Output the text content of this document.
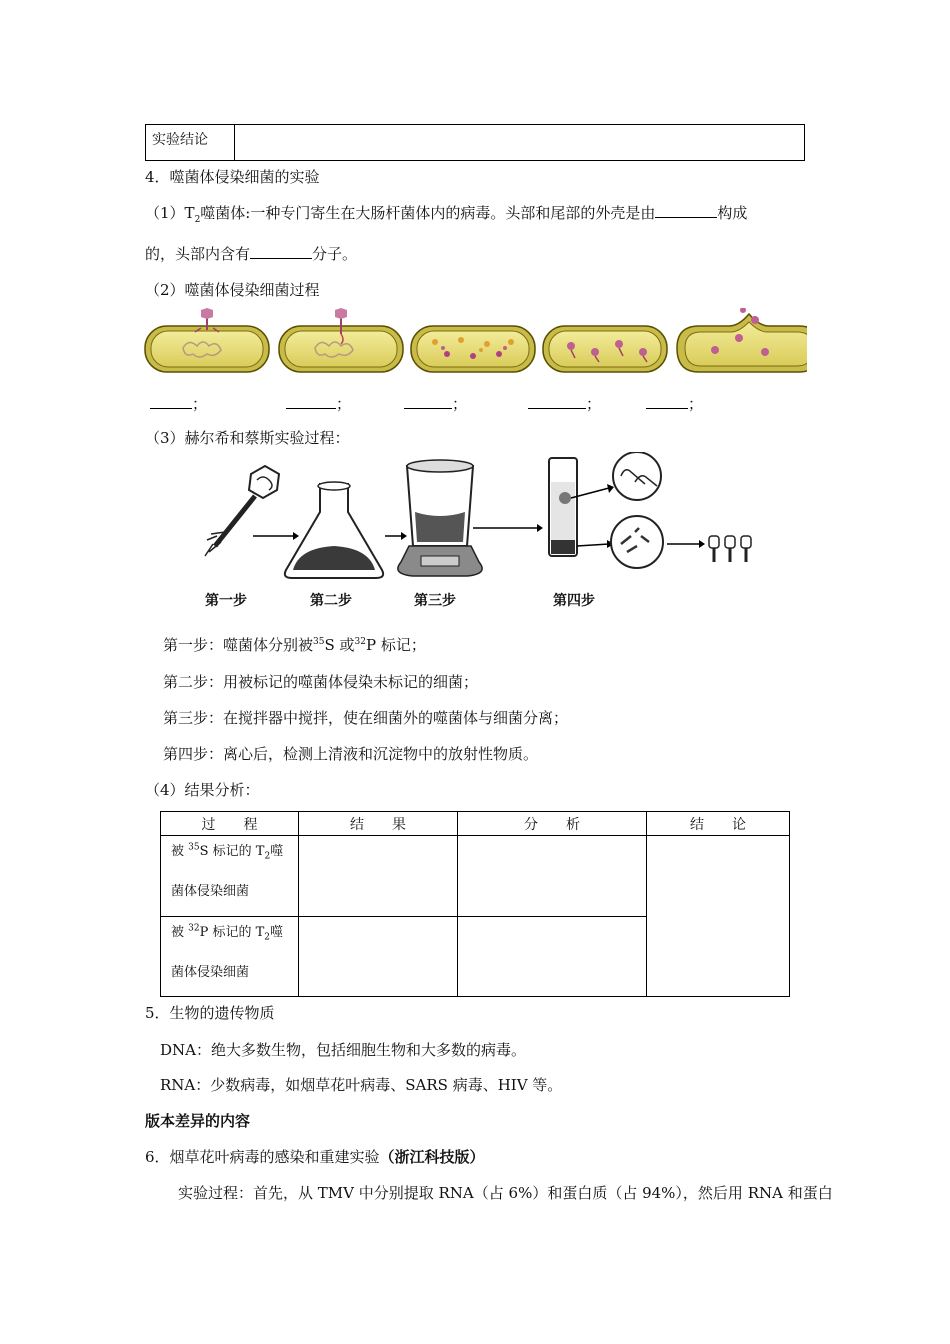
实验结论	
4．噬菌体侵染细菌的实验
$(1)T_2$噬菌体:一种专门寄生在大肠杆菌体内的病毒。头部和尾部的外壳是由	构成
的，头部内含有	分子。
（2）噬菌体侵染细菌过程
；	；	；	；	；
（3）赫尔希和蔡斯实验过程：
第一步	第二步	第三步	第四步
第一步：噬菌体分别被$^{35}$S 或$^{32}$P 标记；
第二步：用被标记的噬菌体侵染未标记的细菌；
第三步：在搅拌器中搅拌，使在细菌外的噬菌体与细菌分离；
第四步：离心后，检测上清液和沉淀物中的放射性物质。
（4）结果分析：
过　　程	结　　果	分　　析	结　　论

被 $^{35}$S 标记的 $T_2$噬
菌体侵染细菌			

被 $^{32}$P 标记的 $T_2$噬
菌体侵染细菌			

5．生物的遗传物质
DNA：绝大多数生物，包括细胞生物和大多数的病毒。
RNA：少数病毒，如烟草花叶病毒、SARS 病毒、HIV 等。
版本差异的内容
6．烟草花叶病毒的感染和重建实验（浙江科技版）
实验过程：首先，从 TMV 中分别提取 RNA（占 6%）和蛋白质（占 94%），然后用 RNA 和蛋白
